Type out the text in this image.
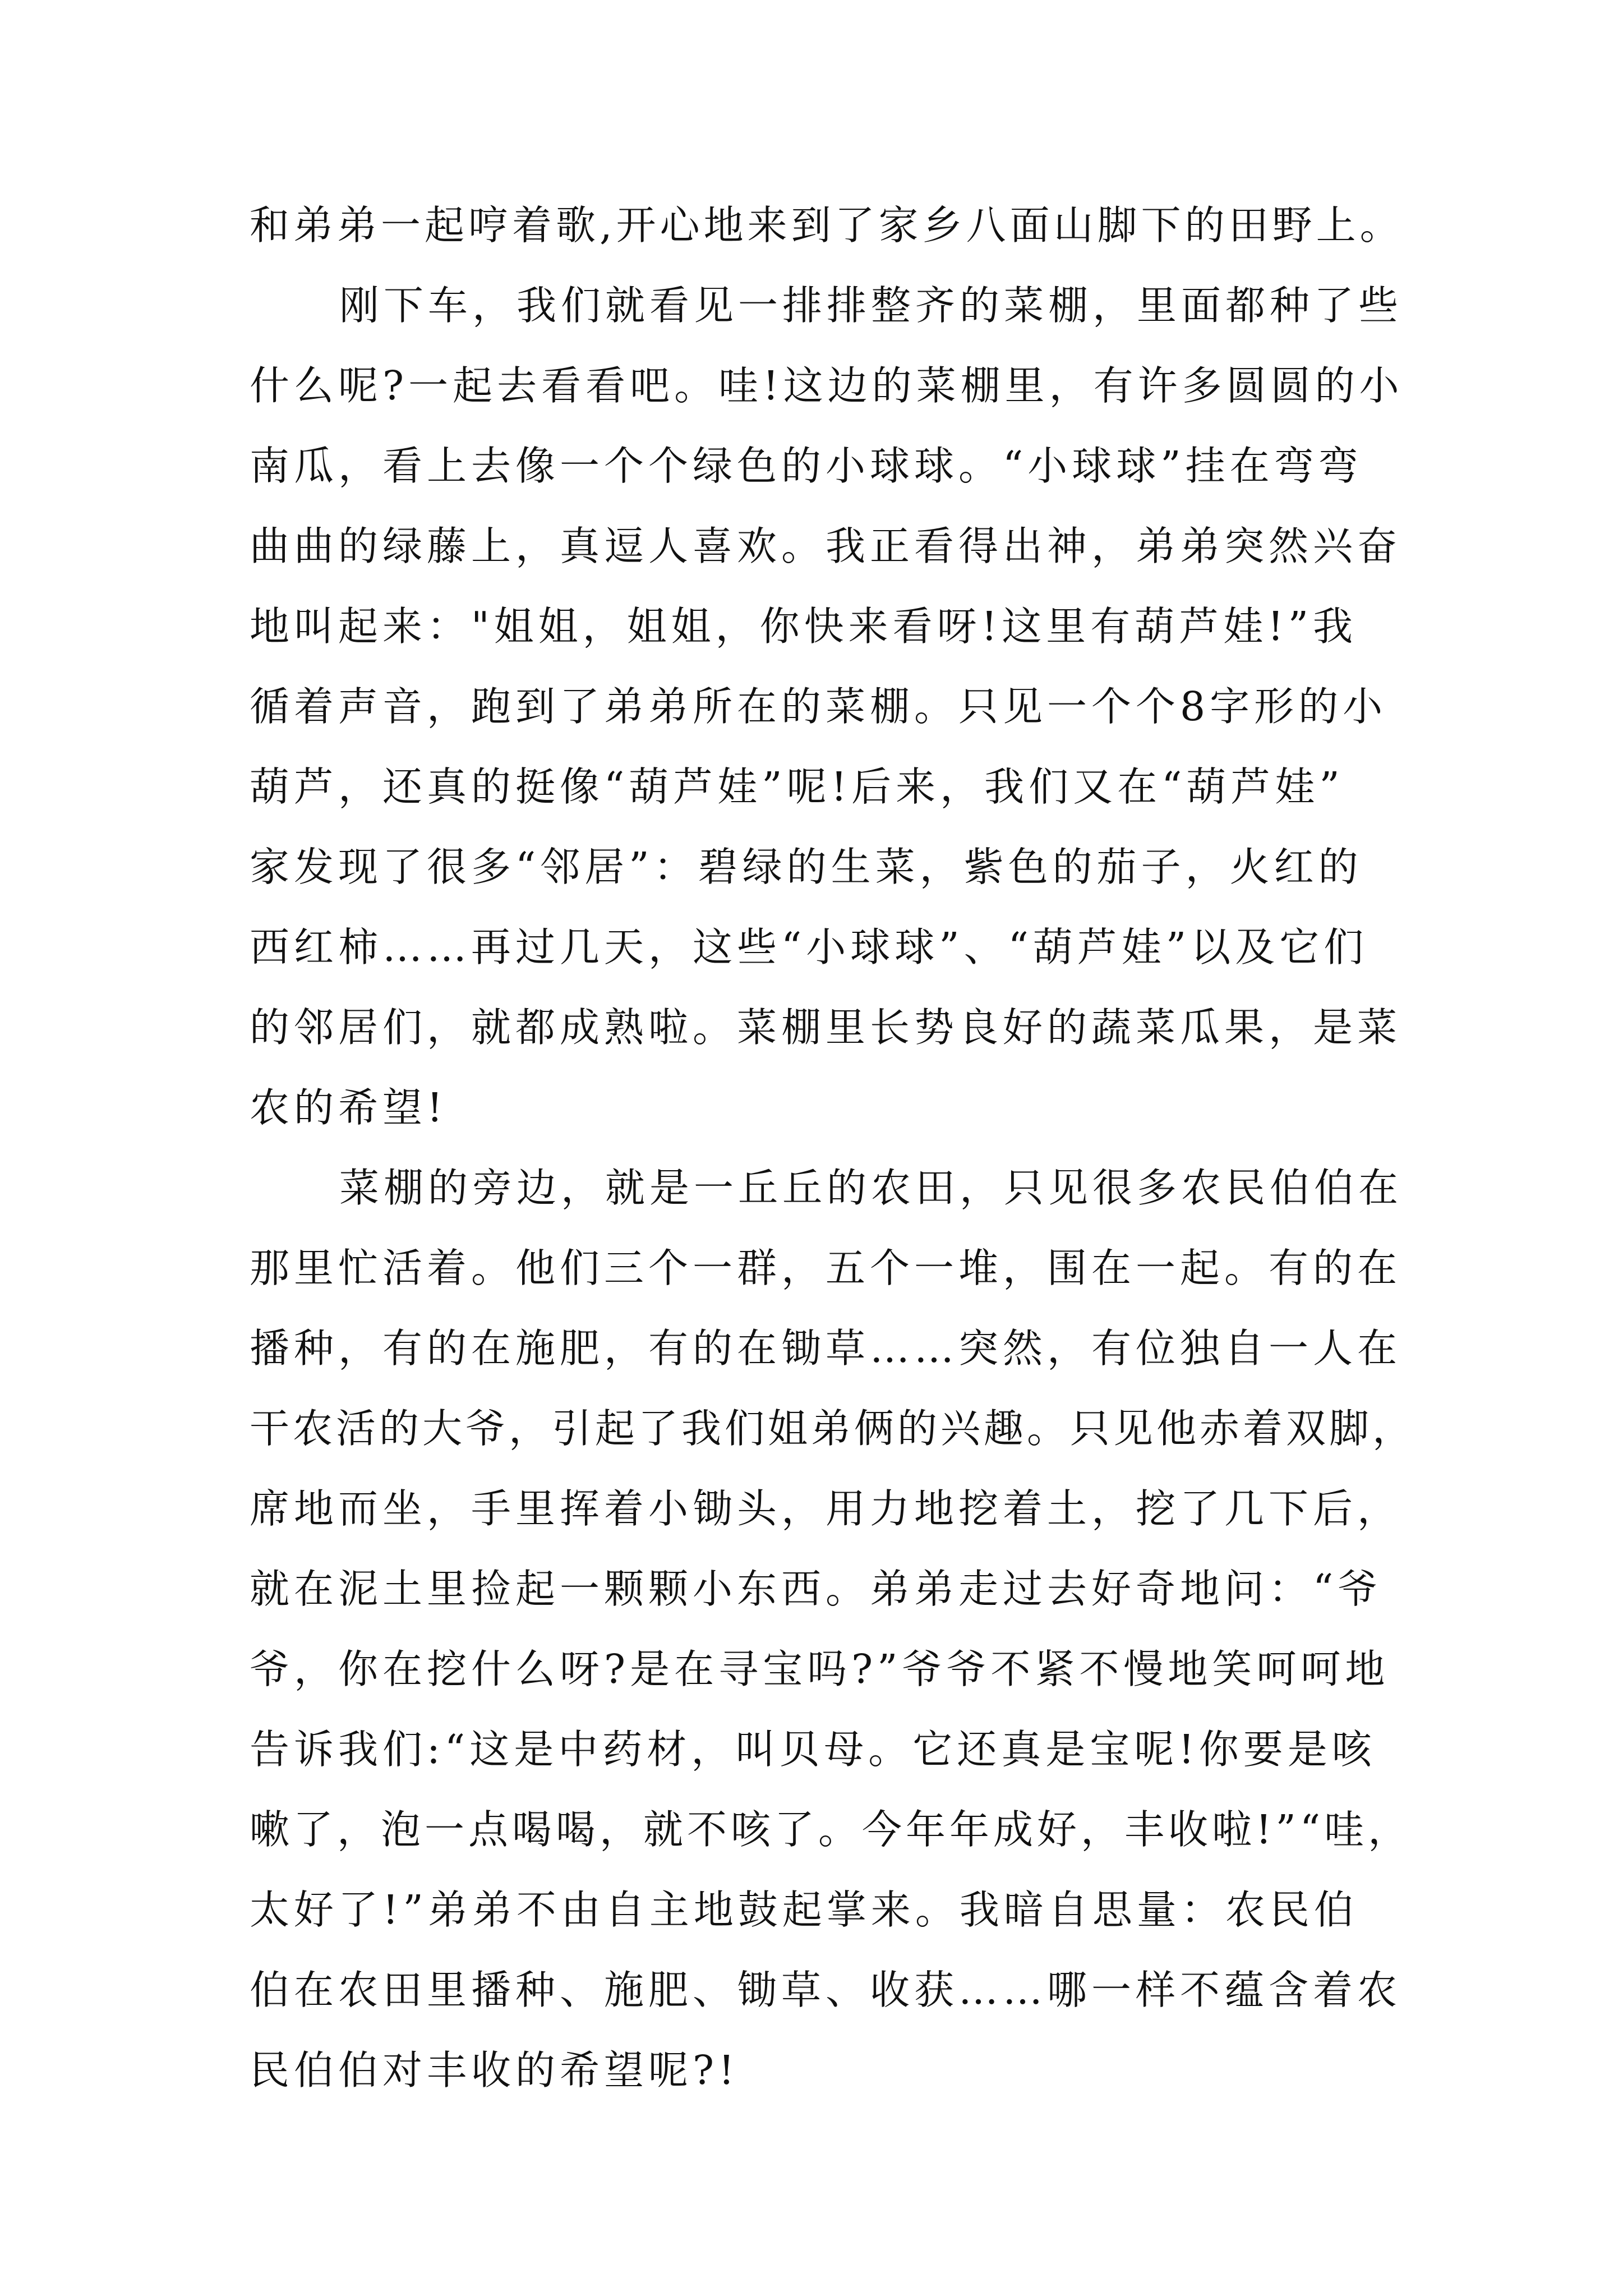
和弟弟一起哼着歌,开心地来到了家乡八面山脚下的田野上。
刚下车，我们就看见一排排整齐的菜棚，里面都种了些
什么呢?一起去看看吧。哇!这边的菜棚里，有许多圆圆的小
南瓜，看上去像一个个绿色的小球球。“小球球”挂在弯弯
曲曲的绿藤上，真逗人喜欢。我正看得出神，弟弟突然兴奋
地叫起来："姐姐，姐姐，你快来看呀!这里有葫芦娃!”我
循着声音，跑到了弟弟所在的菜棚。只见一个个8字形的小
葫芦，还真的挺像“葫芦娃”呢!后来，我们又在“葫芦娃”
家发现了很多“邻居”：碧绿的生菜，紫色的茄子，火红的
西红柿……再过几天，这些“小球球”、“葫芦娃”以及它们
的邻居们，就都成熟啦。菜棚里长势良好的蔬菜瓜果，是菜
农的希望!
菜棚的旁边，就是一丘丘的农田，只见很多农民伯伯在
那里忙活着。他们三个一群，五个一堆，围在一起。有的在
播种，有的在施肥，有的在锄草……突然，有位独自一人在
干农活的大爷，引起了我们姐弟俩的兴趣。只见他赤着双脚，
席地而坐，手里挥着小锄头，用力地挖着土，挖了几下后，
就在泥土里捡起一颗颗小东西。弟弟走过去好奇地问：“爷
爷，你在挖什么呀?是在寻宝吗?”爷爷不紧不慢地笑呵呵地
告诉我们:“这是中药材，叫贝母。它还真是宝呢!你要是咳
嗽了，泡一点喝喝，就不咳了。今年年成好，丰收啦!”“哇，
太好了!”弟弟不由自主地鼓起掌来。我暗自思量：农民伯
伯在农田里播种、施肥、锄草、收获……哪一样不蕴含着农
民伯伯对丰收的希望呢?!
